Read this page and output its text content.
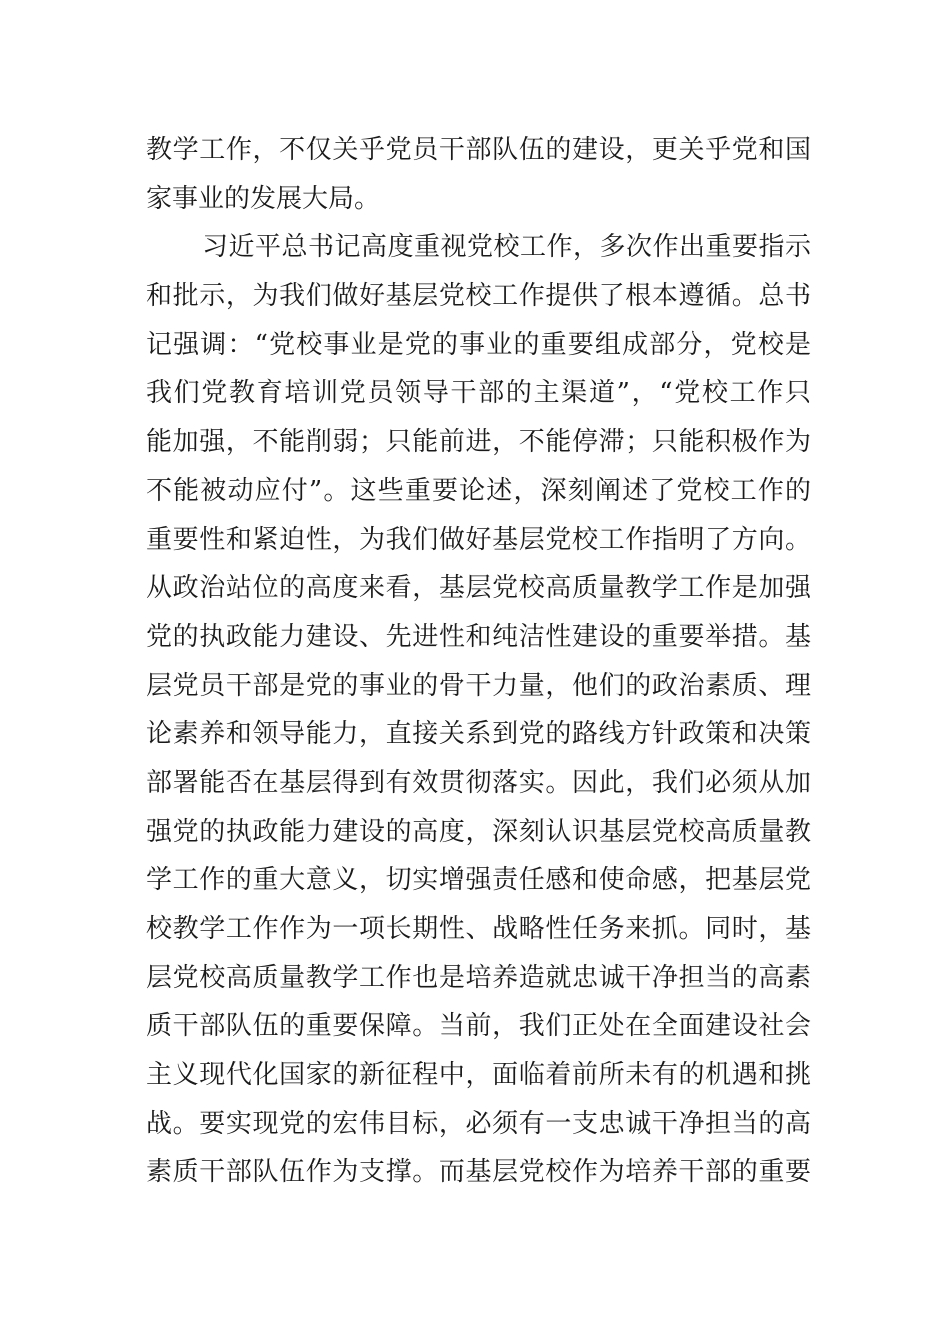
教学工作，不仅关乎党员干部队伍的建设，更关乎党和国
家事业的发展大局。
习近平总书记高度重视党校工作，多次作出重要指示
和批示，为我们做好基层党校工作提供了根本遵循。总书
记强调：“党校事业是党的事业的重要组成部分，党校是
我们党教育培训党员领导干部的主渠道”，“党校工作只
能加强，不能削弱；只能前进，不能停滞；只能积极作为
不能被动应付”。这些重要论述，深刻阐述了党校工作的
重要性和紧迫性，为我们做好基层党校工作指明了方向。
从政治站位的高度来看，基层党校高质量教学工作是加强
党的执政能力建设、先进性和纯洁性建设的重要举措。基
层党员干部是党的事业的骨干力量，他们的政治素质、理
论素养和领导能力，直接关系到党的路线方针政策和决策
部署能否在基层得到有效贯彻落实。因此，我们必须从加
强党的执政能力建设的高度，深刻认识基层党校高质量教
学工作的重大意义，切实增强责任感和使命感，把基层党
校教学工作作为一项长期性、战略性任务来抓。同时，基
层党校高质量教学工作也是培养造就忠诚干净担当的高素
质干部队伍的重要保障。当前，我们正处在全面建设社会
主义现代化国家的新征程中，面临着前所未有的机遇和挑
战。要实现党的宏伟目标，必须有一支忠诚干净担当的高
素质干部队伍作为支撑。而基层党校作为培养干部的重要
